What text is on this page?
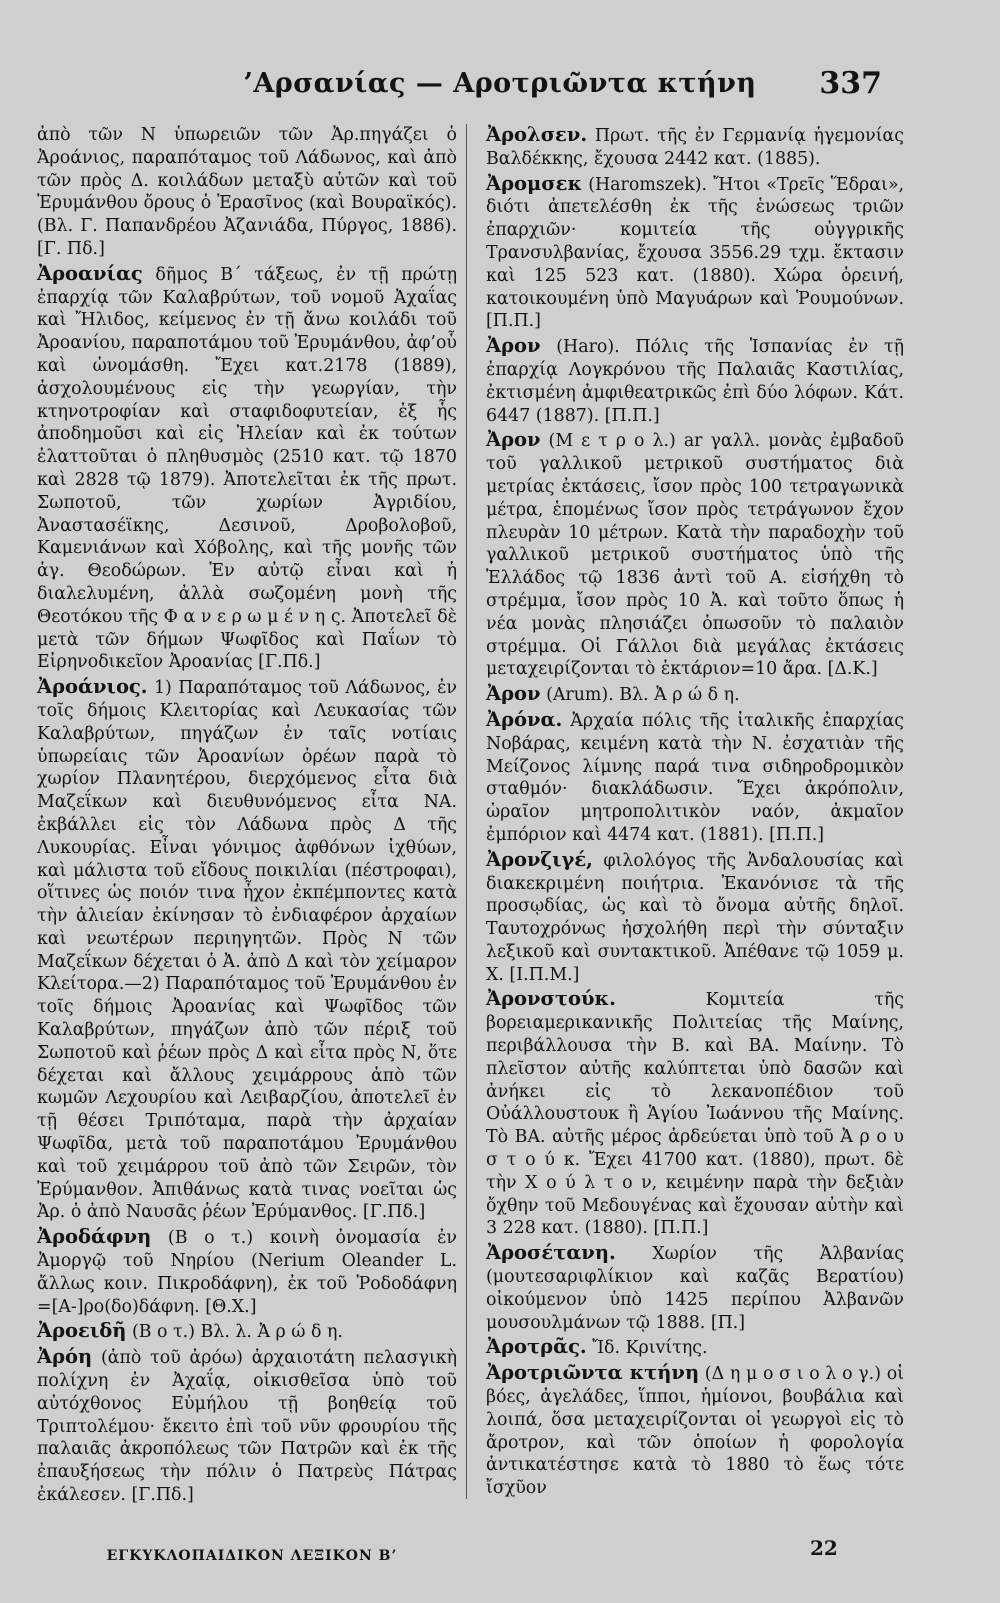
’Αρσανίας — Αροτριῶντα κτήνη	337

ἀπὸ τῶν Ν ὑπωρειῶν τῶν Ἀρ.πηγάζει ὁ Ἀροάνιος, παραπόταμος τοῦ Λάδωνος, καὶ ἀπὸ τῶν πρὸς Δ. κοιλάδων μεταξὺ αὐτῶν καὶ τοῦ Ἐρυμάνθου ὄρους ὁ Ἐρασῖνος (καὶ Βουραϊκός). (Βλ. Γ. Παπανδρέου Ἀζανιάδα, Πύργος, 1886). [Γ. Πδ.]

Ἀροανίας δῆμος Β´ τάξεως, ἐν τῇ πρώτῃ ἐπαρχίᾳ τῶν Καλαβρύτων, τοῦ νομοῦ Ἀχαΐας καὶ Ἤλιδος, κείμενος ἐν τῇ ἄνω κοιλάδι τοῦ Ἀροανίου, παραποτάμου τοῦ Ἐρυμάνθου, ἀφ’οὗ καὶ ὠνομάσθη. Ἔχει κατ.2178 (1889), ἀσχολουμένους εἰς τὴν γεωργίαν, τὴν κτηνοτροφίαν καὶ σταφιδοφυτείαν, ἐξ ἧς ἀποδημοῦσι καὶ εἰς Ἠλείαν καὶ ἐκ τούτων ἐλαττοῦται ὁ πληθυσμὸς (2510 κατ. τῷ 1870 καὶ 2828 τῷ 1879). Ἀποτελεῖται ἐκ τῆς πρωτ. Σωποτοῦ, τῶν χωρίων Ἀγριδίου, Ἀναστασέϊκης, Δεσινοῦ, Δροβολοβοῦ, Καμενιάνων καὶ Χόβολης, καὶ τῆς μονῆς τῶν ἁγ. Θεοδώρων. Ἐν αὐτῷ εἶναι καὶ ἡ διαλελυμένη, ἀλλὰ σωζομένη μονὴ τῆς Θεοτόκου τῆς Φ α ν ε ρ ω μ έ ν η ς. Ἀποτελεῖ δὲ μετὰ τῶν δήμων Ψωφῖδος καὶ Παΐων τὸ Εἰρηνοδικεῖον Ἀροανίας [Γ.Πδ.]

Ἀροάνιος. 1) Παραπόταμος τοῦ Λάδωνος, ἐν τοῖς δήμοις Κλειτορίας καὶ Λευκασίας τῶν Καλαβρύτων, πηγάζων ἐν ταῖς νοτίαις ὑπωρείαις τῶν Ἀροανίων ὀρέων παρὰ τὸ χωρίον Πλανητέρου, διερχόμενος εἶτα διὰ Μαζεΐκων καὶ διευθυνόμενος εἶτα ΝΑ. ἐκβάλλει εἰς τὸν Λάδωνα πρὸς Δ τῆς Λυκουρίας. Εἶναι γόνιμος ἀφθόνων ἰχθύων, καὶ μάλιστα τοῦ εἴδους ποικιλίαι (πέστροφαι), οἵτινες ὡς ποιόν τινα ἦχον ἐκπέμποντες κατὰ τὴν ἁλιείαν ἐκίνησαν τὸ ἐνδιαφέρον ἀρχαίων καὶ νεωτέρων περιηγητῶν. Πρὸς Ν τῶν Μαζεΐκων δέχεται ὁ Ἀ. ἀπὸ Δ καὶ τὸν χείμαρον Κλείτορα.—2) Παραπόταμος τοῦ Ἐρυμάνθου ἐν τοῖς δήμοις Ἀροανίας καὶ Ψωφῖδος τῶν Καλαβρύτων, πηγάζων ἀπὸ τῶν πέριξ τοῦ Σωποτοῦ καὶ ῥέων πρὸς Δ καὶ εἶτα πρὸς Ν, ὅτε δέχεται καὶ ἄλλους χειμάρρους ἀπὸ τῶν κωμῶν Λεχουρίου καὶ Λειβαρζίου, ἀποτελεῖ ἐν τῇ θέσει Τριπόταμα, παρὰ τὴν ἀρχαίαν Ψωφῖδα, μετὰ τοῦ παραποτάμου Ἐρυμάνθου καὶ τοῦ χειμάρρου τοῦ ἀπὸ τῶν Σειρῶν, τὸν Ἐρύμανθον. Ἀπιθάνως κατὰ τινας νοεῖται ὡς Ἀρ. ὁ ἀπὸ Ναυσᾶς ῥέων Ἐρύμανθος. [Γ.Πδ.]

Ἀροδάφνη (Β ο τ.) κοινὴ ὀνομασία ἐν Ἀμοργῷ τοῦ Νηρίου (Nerium Oleander L. ἄλλως κοιν. Πικροδάφνη), ἐκ τοῦ Ῥοδοδάφνη =[Α-]ρο(δο)δάφνη. [Θ.Χ.]

Ἀροειδῆ (Β ο τ.) Βλ. λ. Ἀ ρ ώ δ η.

Ἀρόη (ἀπὸ τοῦ ἀρόω) ἀρχαιοτάτη πελασγικὴ πολίχνη ἐν Ἀχαΐᾳ, οἰκισθεῖσα ὑπὸ τοῦ αὐτόχθονος Εὐμήλου τῇ βοηθείᾳ τοῦ Τριπτολέμου· ἔκειτο ἐπὶ τοῦ νῦν φρουρίου τῆς παλαιᾶς ἀκροπόλεως τῶν Πατρῶν καὶ ἐκ τῆς ἐπαυξήσεως τὴν πόλιν ὁ Πατρεὺς Πάτρας ἐκάλεσεν. [Γ.Πδ.]

Ἀρολσεν. Πρωτ. τῆς ἐν Γερμανίᾳ ἡγεμονίας Βαλδέκκης, ἔχουσα 2442 κατ. (1885).

Ἀρομσεκ (Haromszek). Ἤτοι «Τρεῖς Ἕδραι», διότι ἀπετελέσθη ἐκ τῆς ἑνώσεως τριῶν ἐπαρχιῶν· κομιτεία τῆς οὐγγρικῆς Τρανσυλβανίας, ἔχουσα 3556.29 τχμ. ἔκτασιν καὶ 125 523 κατ. (1880). Χώρα ὀρεινή, κατοικουμένη ὑπὸ Μαγυάρων καὶ Ῥουμούνων.[Π.Π.]

Ἀρον (Haro). Πόλις τῆς Ἱσπανίας ἐν τῇ ἐπαρχίᾳ Λογκρόνου τῆς Παλαιᾶς Καστιλίας, ἐκτισμένη ἀμφιθεατρικῶς ἐπὶ δύο λόφων. Κάτ. 6447 (1887). [Π.Π.]

Ἀρον (Μ ε τ ρ ο λ.) ar γαλλ. μονὰς ἐμβαδοῦ τοῦ γαλλικοῦ μετρικοῦ συστήματος διὰ μετρίας ἐκτάσεις, ἴσον πρὸς 100 τετραγωνικὰ μέτρα, ἑπομένως ἴσον πρὸς τετράγωνον ἔχον πλευρὰν 10 μέτρων. Κατὰ τὴν παραδοχὴν τοῦ γαλλικοῦ μετρικοῦ συστήματος ὑπὸ τῆς Ἑλλάδος τῷ 1836 ἀντὶ τοῦ Α. εἰσήχθη τὸ στρέμμα, ἴσον πρὸς 10 Ἀ. καὶ τοῦτο ὅπως ἡ νέα μονὰς πλησιάζει ὁπωσοῦν τὸ παλαιὸν στρέμμα. Οἱ Γάλλοι διὰ μεγάλας ἐκτάσεις μεταχειρίζονται τὸ ἑκτάριον=10 ἄρα. [Δ.Κ.]

Ἀρον (Arum). Βλ. Ἀ ρ ώ δ η.

Ἀρόνα. Ἀρχαία πόλις τῆς ἰταλικῆς ἐπαρχίας Νοβάρας, κειμένη κατὰ τὴν Ν. ἐσχατιὰν τῆς Μείζονος λίμνης παρά τινα σιδηροδρομικὸν σταθμόν· διακλάδωσιν. Ἔχει ἀκρόπολιν, ὡραῖον μητροπολιτικὸν ναόν, ἀκμαῖον ἐμπόριον καὶ 4474 κατ. (1881). [Π.Π.]

Ἀρονζιγέ, φιλολόγος τῆς Ἀνδαλουσίας καὶ διακεκριμένη ποιήτρια. Ἐκανόνισε τὰ τῆς προσῳδίας, ὡς καὶ τὸ ὄνομα αὐτῆς δηλοῖ. Ταυτοχρόνως ἠσχολήθη περὶ τὴν σύνταξιν λεξικοῦ καὶ συντακτικοῦ. Ἀπέθανε τῷ 1059 μ. Χ. [Ι.Π.Μ.]

Ἀρονστούκ. Κομιτεία τῆς βορειαμερικανικῆς Πολιτείας τῆς Μαίνης, περιβάλλουσα τὴν Β. καὶ ΒΑ. Μαίνην. Τὸ πλεῖστον αὐτῆς καλύπτεται ὑπὸ δασῶν καὶ ἀνήκει εἰς τὸ λεκανοπέδιον τοῦ Οὐάλλουστουκ ἢ Ἁγίου Ἰωάννου τῆς Μαίνης. Τὸ ΒΑ. αὐτῆς μέρος ἀρδεύεται ὑπὸ τοῦ Ἀ ρ ο υ σ τ ο ύ κ. Ἔχει 41700 κατ. (1880), πρωτ. δὲ τὴν Χ ο ύ λ τ ο ν, κειμένην παρὰ τὴν δεξιὰν ὄχθην τοῦ Μεδουγένας καὶ ἔχουσαν αὐτὴν καὶ 3 228 κατ. (1880). [Π.Π.]

Ἀροσέτανη. Χωρίον τῆς Ἀλβανίας (μουτεσαριφλίκιον καὶ καζᾶς Βερατίου) οἰκούμενον ὑπὸ 1425 περίπου Ἀλβανῶν μουσουλμάνων τῷ 1888. [Π.]

Ἀροτρᾶς. Ἴδ. Κριvίτης.

Ἀροτριῶντα κτήνη (Δ η μ ο σ ι ο λ ο γ.) οἱ βόες, ἀγελάδες, ἵπποι, ἡμίονοι, βουβάλια καὶ λοιπά, ὅσα μεταχειρίζονται οἱ γεωργοὶ εἰς τὸ ἄροτρον, καὶ τῶν ὁποίων ἡ φορολογία ἀντικατέστησε κατὰ τὸ 1880 τὸ ἕως τότε ἴσχῦον

ΕΓΚΥΚΛΟΠΑΙΔΙΚΟΝ ΛΕΞΙΚΟΝ Β’	22
